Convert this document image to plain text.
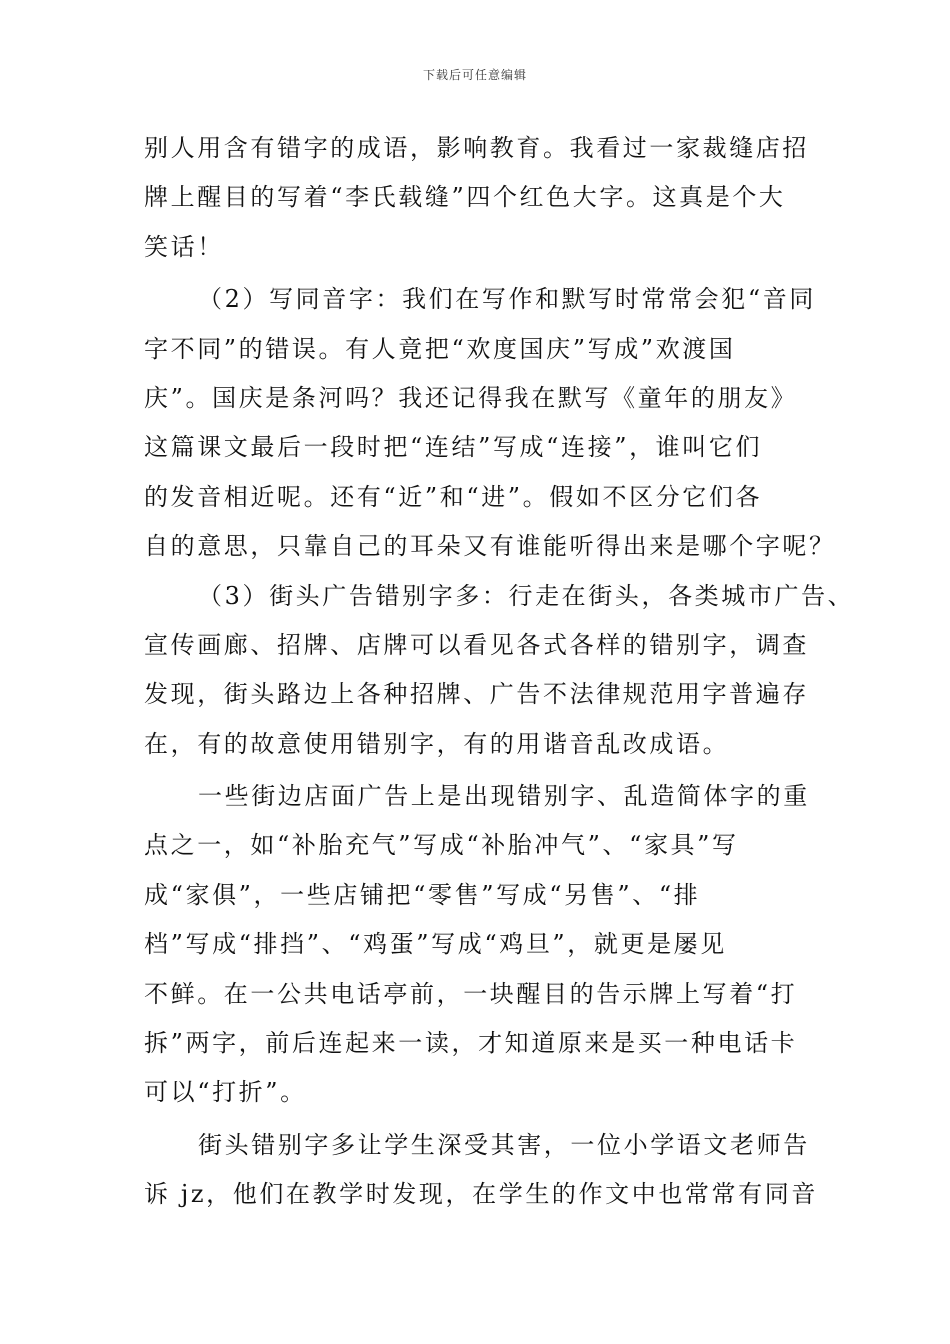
下载后可任意编辑
别人用含有错字的成语，影响教育。我看过一家裁缝店招
牌上醒目的写着“李氏载缝”四个红色大字。这真是个大
笑话！
（2）写同音字：我们在写作和默写时常常会犯“音同
字不同”的错误。有人竟把“欢度国庆”写成”欢渡国
庆”。国庆是条河吗？我还记得我在默写《童年的朋友》
这篇课文最后一段时把“连结”写成“连接”，谁叫它们
的发音相近呢。还有“近”和“进”。假如不区分它们各
自的意思，只靠自己的耳朵又有谁能听得出来是哪个字呢？
（3）街头广告错别字多：行走在街头，各类城市广告、
宣传画廊、招牌、店牌可以看见各式各样的错别字，调查
发现，街头路边上各种招牌、广告不法律规范用字普遍存
在，有的故意使用错别字，有的用谐音乱改成语。
一些街边店面广告上是出现错别字、乱造简体字的重
点之一，如“补胎充气”写成“补胎冲气”、“家具”写
成“家俱”，一些店铺把“零售”写成“另售”、“排
档”写成“排挡”、“鸡蛋”写成“鸡旦”，就更是屡见
不鲜。在一公共电话亭前，一块醒目的告示牌上写着“打
拆”两字，前后连起来一读，才知道原来是买一种电话卡
可以“打折”。
街头错别字多让学生深受其害，一位小学语文老师告
诉 jz，他们在教学时发现，在学生的作文中也常常有同音
